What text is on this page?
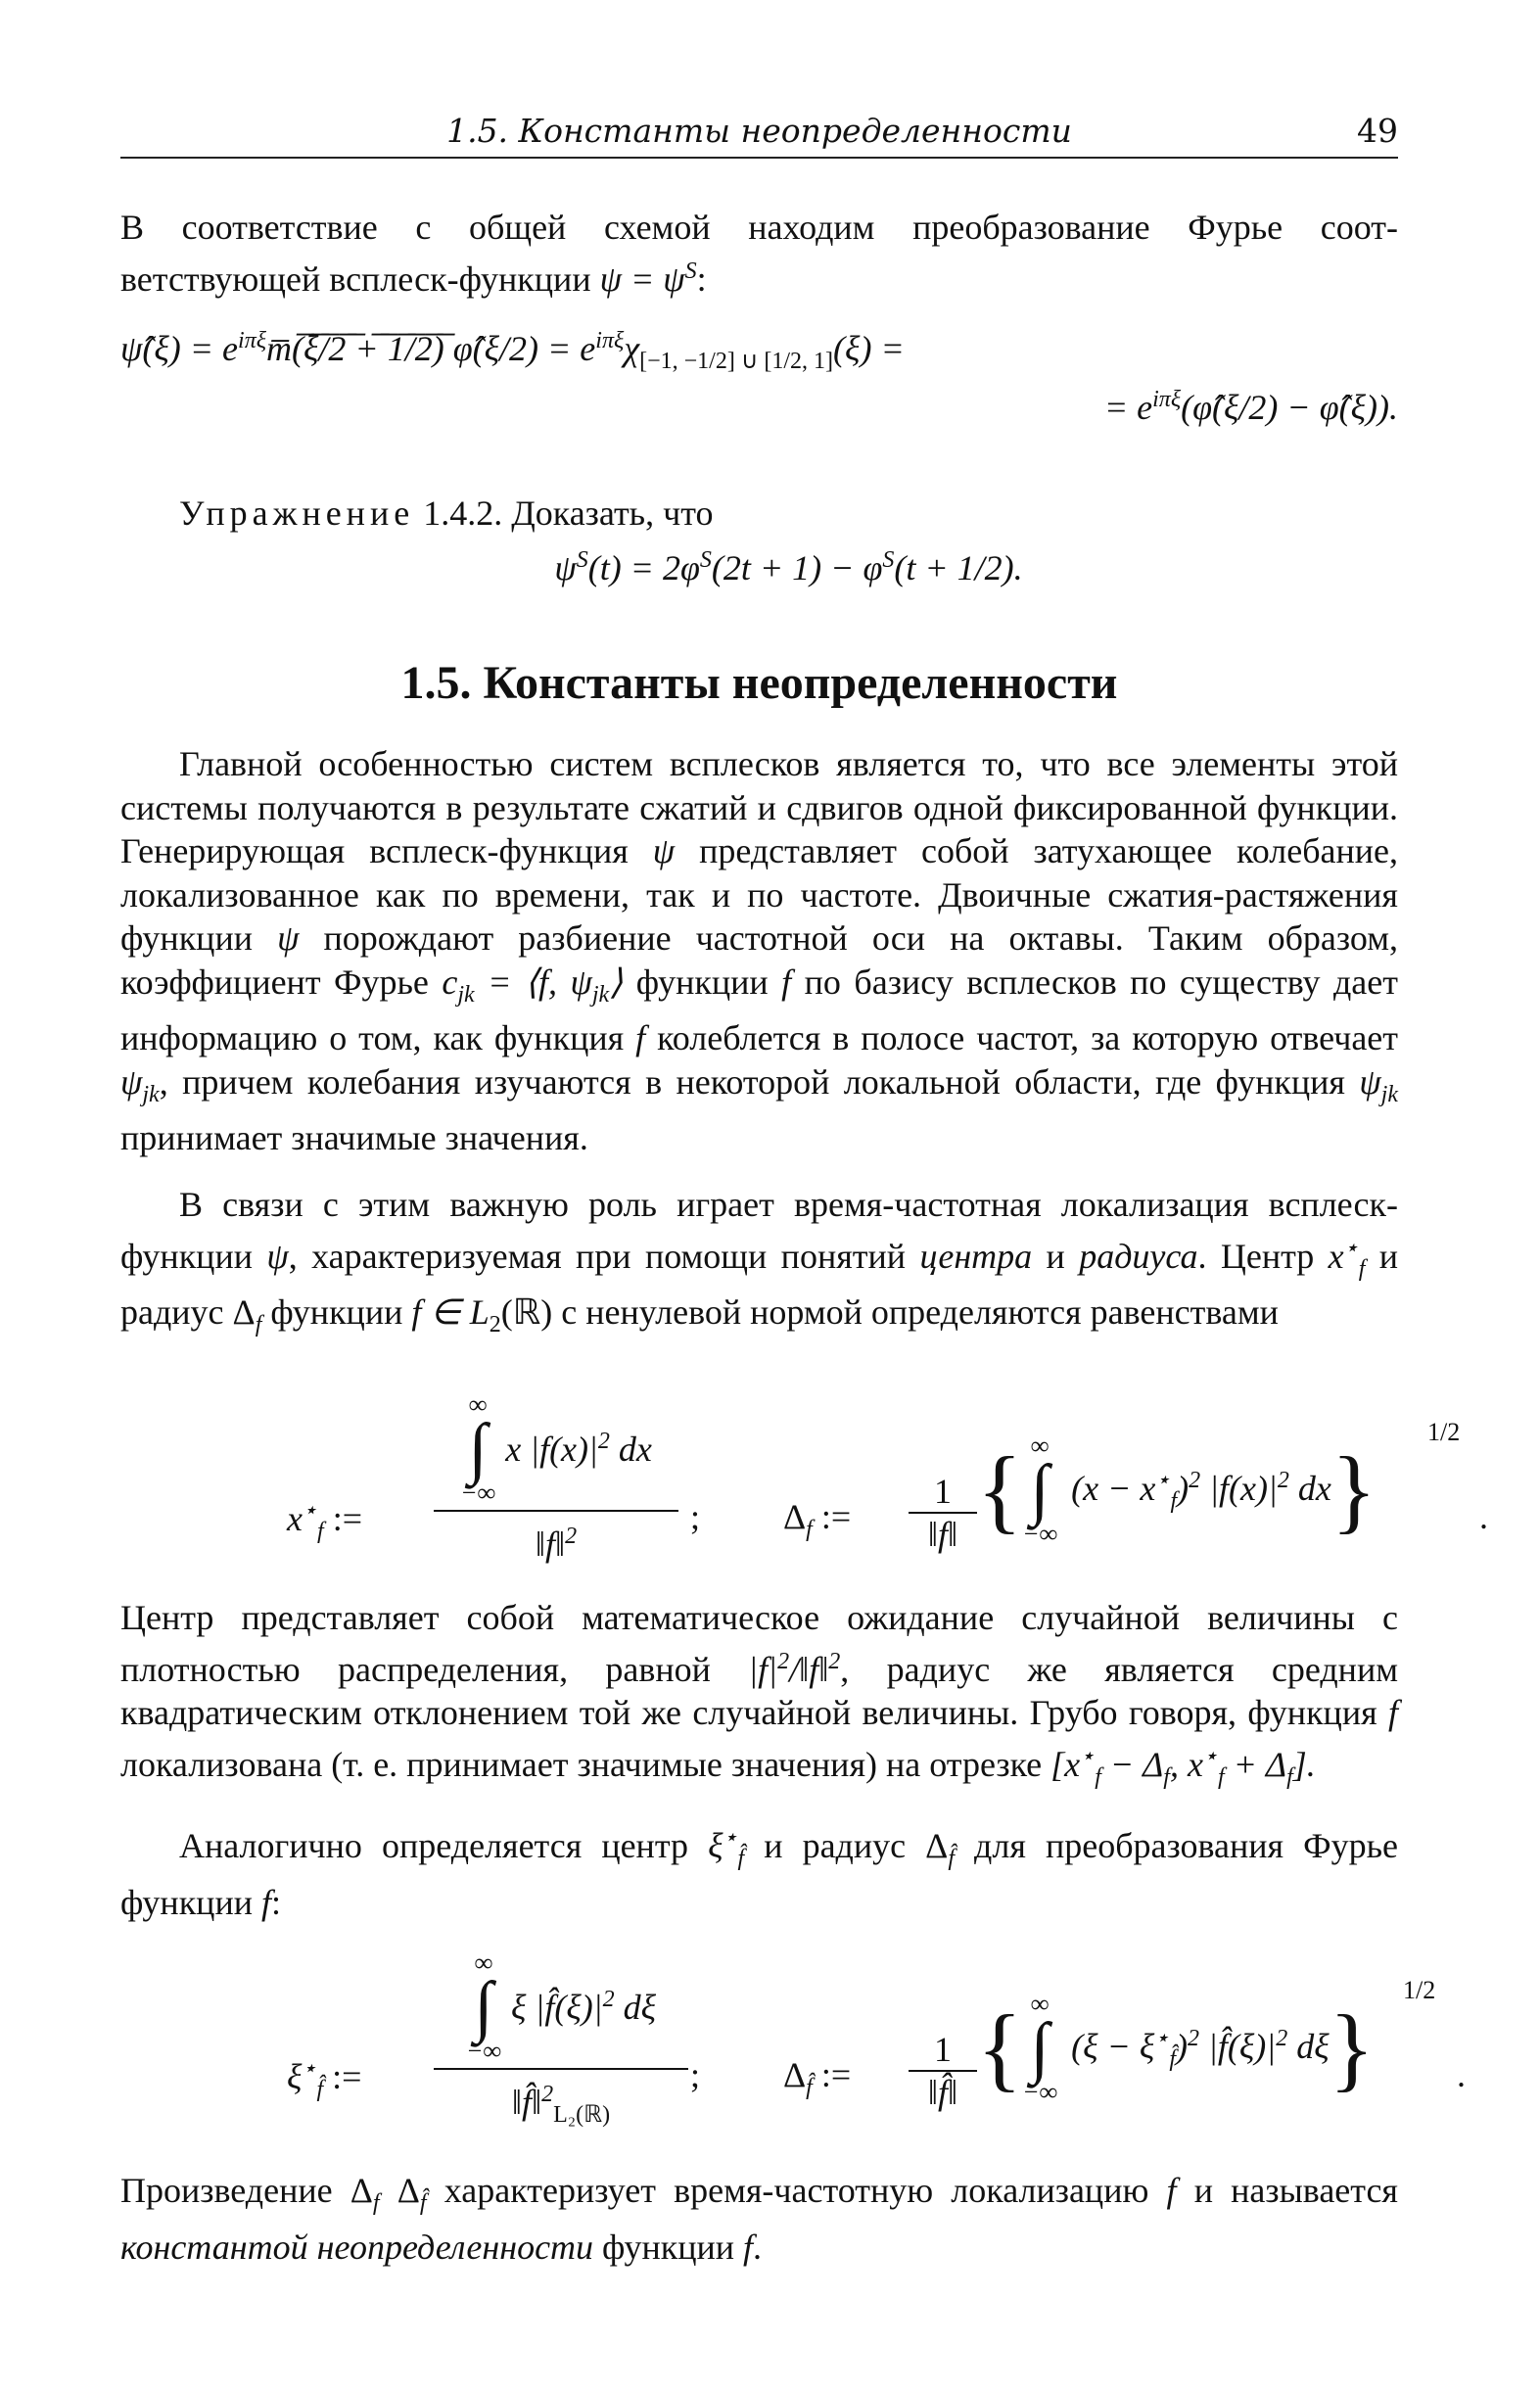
1.5. Константы неопределенности	49

В соответствие с общей схемой находим преобразование Фурье соот-

ветствующей всплеск-функции $\psi = \psi^S$:

ψ̂(ξ) = $e^{i\pi\xi}m̅(̅\xi̅/̅2̅$ ̅+̅ ̅1̅/̅2̅)̅ φ̂(ξ/2) = $e^{i\pi\xi}\chi_{[-1, -1/2] \cup [1/2, 1]}(\xi)$ =
= $e^{i\pi\xi}(\varphî(\xi/2)$ − φ̂(ξ)).

Упражнение 1.4.2. Доказать, что

$\psi^S(t) = 2\varphi^S(2t + 1) - \varphi^S(t + 1/2)$.
1.5. Константы неопределенности

Главной особенностью систем всплесков является то, что все элементы этой системы получаются в результате сжатий и сдвигов одной фиксированной функции. Генерирующая всплеск-функция ψ представляет собой затухающее колебание, локализованное как по времени, так и по частоте. Двоичные сжатия-растяжения функции ψ порождают разбиение частотной оси на октавы. Таким образом, коэффициент Фурье $c_{jk}$ = ⟨f, $\psi_{jk}⟩$ функции f по базису всплесков по существу дает информацию о том, как функция f колеблется в полосе частот, за которую отвечает $\psi_{jk}$, причем колебания изучаются в некоторой локальной области, где функция $\psi_{jk}$ принимает значимые значения.

В связи с этим важную роль играет время-частотная локализация всплеск-функции ψ, характеризуемая при помощи понятий центра и радиуса. Центр $x^⋆_f$ и радиус $\Delta_f$ функции f ∈ $L_2(ℝ)$ с ненулевой нормой определяются равенствами

$x^⋆_f$ :=
∞
∫
−∞
x $|f(x)|^2$ dx
‖f‖$^2$	; $\Delta_f$ :=
1
‖f‖ { ∞
∫
−∞
$(x - x^⋆_f)^2$ $|f(x)|^2$ dx }
1/2
.

Центр представляет собой математическое ожидание случайной величины с плотностью распределения, равной $|f|^2/‖f‖^2$, радиус же является средним квадратическим отклонением той же случайной величины. Грубо говоря, функция f локализована (т. е. принимает значимые значения) на отрезке [$x^⋆_f - \Delta_f$, $x^⋆_f + \Delta_f$].

Аналогично определяется центр $\xi^⋆_{f̂}$ и радиус $\Delta_{f̂}$ для преобразования Фурье функции f:

$\xi^⋆_{f̂}$ :=
∞
∫
−∞
ξ $|f̂(\xi)|^2$ dξ
‖f̂‖$^2_{L_2(ℝ)}$
; $\Delta_{f̂}$ :=
1
‖f̂‖ { ∞
∫
−∞
$(\xi - \xi^⋆_{f̂})^2$ $|f̂(\xi)|^2$ dξ }
1/2
.

Произведение $\Delta_f$ $\Delta_{f̂}$ характеризует время-частотную локализацию f и называется константой неопределенности функции f.
